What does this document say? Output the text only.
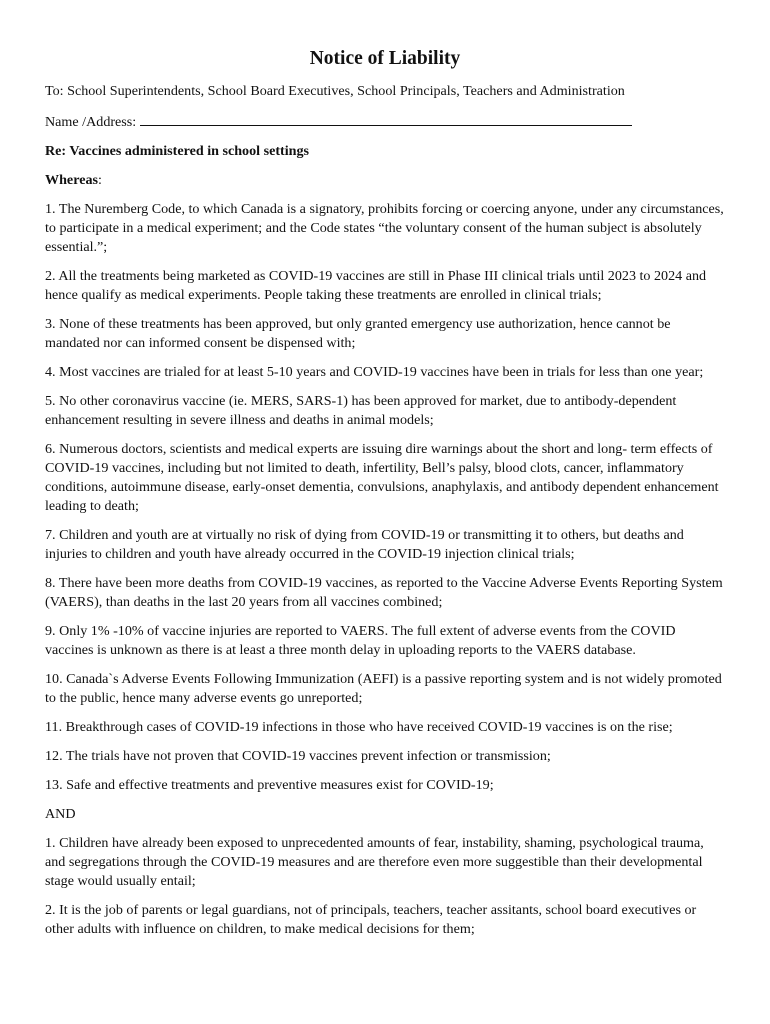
Notice of Liability

To: School Superintendents, School Board Executives, School Principals, Teachers and Administration

Name /Address:

Re: Vaccines administered in school settings

Whereas:

1. The Nuremberg Code, to which Canada is a signatory, prohibits forcing or coercing anyone, under any circumstances, to participate in a medical experiment; and the Code states “the voluntary consent of the human subject is absolutely essential.”;

2. All the treatments being marketed as COVID-19 vaccines are still in Phase III clinical trials until 2023 to 2024 and hence qualify as medical experiments. People taking these treatments are enrolled in clinical trials;

3. None of these treatments has been approved, but only granted emergency use authorization, hence cannot be mandated nor can informed consent be dispensed with;

4. Most vaccines are trialed for at least 5-10 years and COVID-19 vaccines have been in trials for less than one year;

5. No other coronavirus vaccine (ie. MERS, SARS-1) has been approved for market, due to antibody-dependent enhancement resulting in severe illness and deaths in animal models;

6. Numerous doctors, scientists and medical experts are issuing dire warnings about the short and long- term effects of COVID-19 vaccines, including but not limited to death, infertility, Bell’s palsy, blood clots, cancer, inflammatory conditions, autoimmune disease, early-onset dementia, convulsions, anaphylaxis, and antibody dependent enhancement leading to death;

7. Children and youth are at virtually no risk of dying from COVID-19 or transmitting it to others, but deaths and injuries to children and youth have already occurred in the COVID-19 injection clinical trials;

8. There have been more deaths from COVID-19 vaccines, as reported to the Vaccine Adverse Events Reporting System (VAERS), than deaths in the last 20 years from all vaccines combined;

9. Only 1% -10% of vaccine injuries are reported to VAERS. The full extent of adverse events from the COVID vaccines is unknown as there is at least a three month delay in uploading reports to the VAERS database.

10. Canada`s Adverse Events Following Immunization (AEFI) is a passive reporting system and is not widely promoted to the public, hence many adverse events go unreported;

11. Breakthrough cases of COVID-19 infections in those who have received COVID-19 vaccines is on the rise;

12. The trials have not proven that COVID-19 vaccines prevent infection or transmission;

13. Safe and effective treatments and preventive measures exist for COVID-19;

AND

1. Children have already been exposed to unprecedented amounts of fear, instability, shaming, psychological trauma, and segregations through the COVID-19 measures and are therefore even more suggestible than their developmental stage would usually entail;

2. It is the job of parents or legal guardians, not of principals, teachers, teacher assitants, school board executives or other adults with influence on children, to make medical decisions for them;
